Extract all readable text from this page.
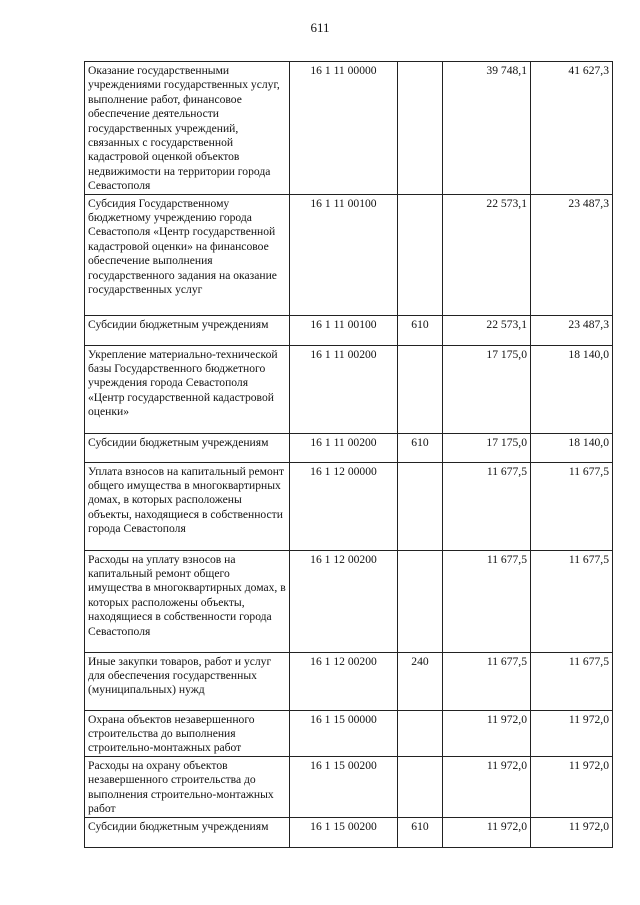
611
Оказание государственными учреждениями государственных услуг, выполнение работ, финансовое обеспечение деятельности государственных учреждений, связанных с государственной кадастровой оценкой объектов недвижимости на территории города Севастополя	16 1 11 00000		39 748,1	41 627,3
Субсидия Государственному бюджетному учреждению города Севастополя «Центр государственной кадастровой оценки» на финансовое обеспечение выполнения государственного задания на оказание государственных услуг	16 1 11 00100		22 573,1	23 487,3
Субсидии бюджетным учреждениям	16 1 11 00100	610	22 573,1	23 487,3
Укрепление материально-технической базы Государственного бюджетного учреждения города Севастополя «Центр государственной кадастровой оценки»	16 1 11 00200		17 175,0	18 140,0
Субсидии бюджетным учреждениям	16 1 11 00200	610	17 175,0	18 140,0
Уплата взносов на капитальный ремонт общего имущества в многоквартирных домах, в которых расположены объекты, находящиеся в собственности города Севастополя	16 1 12 00000		11 677,5	11 677,5
Расходы на уплату взносов на капитальный ремонт общего имущества в многоквартирных домах, в которых расположены объекты, находящиеся в собственности города Севастополя	16 1 12 00200		11 677,5	11 677,5
Иные закупки товаров, работ и услуг для обеспечения государственных (муниципальных) нужд	16 1 12 00200	240	11 677,5	11 677,5
Охрана объектов незавершенного строительства до выполнения строительно-монтажных работ	16 1 15 00000		11 972,0	11 972,0
Расходы на охрану объектов незавершенного строительства до выполнения строительно-монтажных работ	16 1 15 00200		11 972,0	11 972,0
Субсидии бюджетным учреждениям	16 1 15 00200	610	11 972,0	11 972,0
